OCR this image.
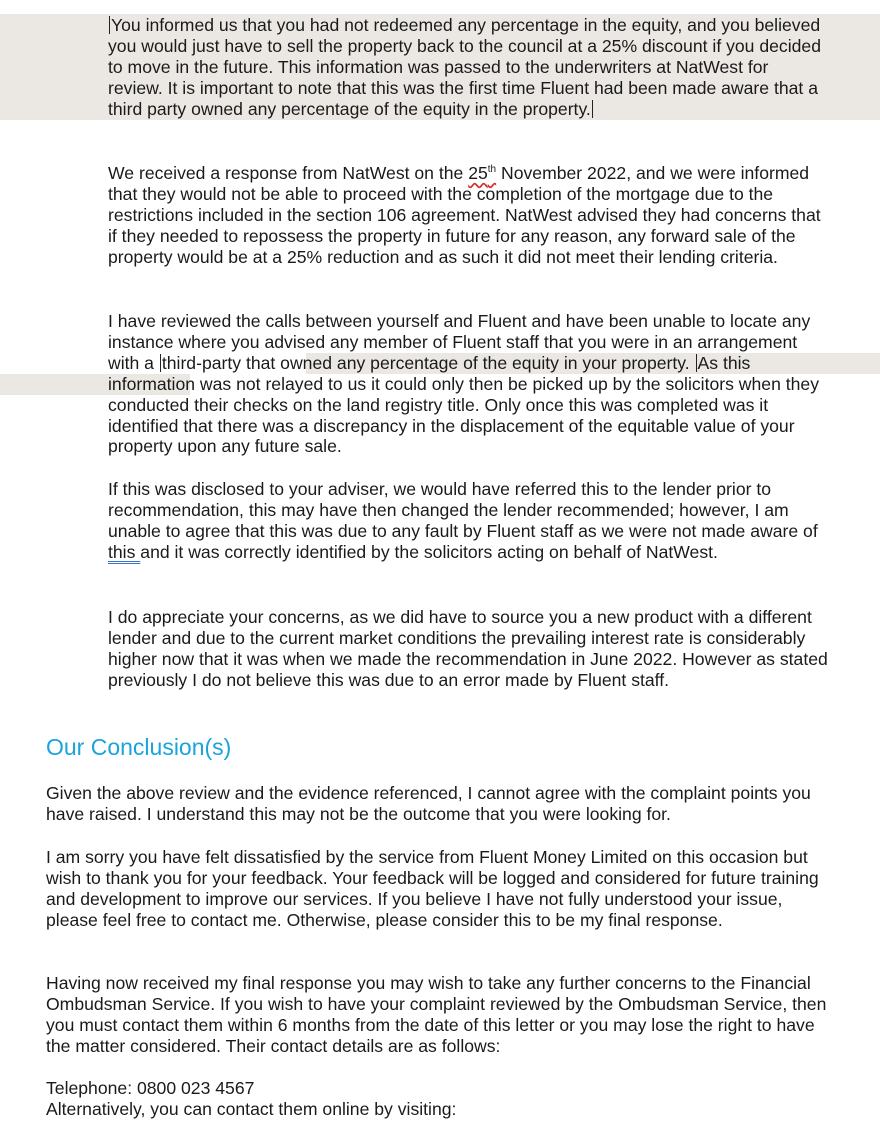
You informed us that you had not redeemed any percentage in the equity, and you believed you would just have to sell the property back to the council at a 25% discount if you decided to move in the future. This information was passed to the underwriters at NatWest for review. It is important to note that this was the first time Fluent had been made aware that a third party owned any percentage of the equity in the property.

We received a response from NatWest on the 25th November 2022, and we were informed that they would not be able to proceed with the completion of the mortgage due to the restrictions included in the section 106 agreement. NatWest advised they had concerns that if they needed to repossess the property in future for any reason, any forward sale of the property would be at a 25% reduction and as such it did not meet their lending criteria.

I have reviewed the calls between yourself and Fluent and have been unable to locate any instance where you advised any member of Fluent staff that you were in an arrangement with a third-party that owned any percentage of the equity in your property. As this information was not relayed to us it could only then be picked up by the solicitors when they conducted their checks on the land registry title. Only once this was completed was it identified that there was a discrepancy in the displacement of the equitable value of your property upon any future sale.

If this was disclosed to your adviser, we would have referred this to the lender prior to recommendation, this may have then changed the lender recommended; however, I am unable to agree that this was due to any fault by Fluent staff as we were not made aware of this and it was correctly identified by the solicitors acting on behalf of NatWest.

I do appreciate your concerns, as we did have to source you a new product with a different lender and due to the current market conditions the prevailing interest rate is considerably higher now that it was when we made the recommendation in June 2022. However as stated previously I do not believe this was due to an error made by Fluent staff.

Our Conclusion(s)

Given the above review and the evidence referenced, I cannot agree with the complaint points you have raised. I understand this may not be the outcome that you were looking for.

I am sorry you have felt dissatisfied by the service from Fluent Money Limited on this occasion but wish to thank you for your feedback. Your feedback will be logged and considered for future training and development to improve our services. If you believe I have not fully understood your issue, please feel free to contact me. Otherwise, please consider this to be my final response.

Having now received my final response you may wish to take any further concerns to the Financial Ombudsman Service. If you wish to have your complaint reviewed by the Ombudsman Service, then you must contact them within 6 months from the date of this letter or you may lose the right to have the matter considered. Their contact details are as follows:

Telephone: 0800 023 4567

Alternatively, you can contact them online by visiting:
